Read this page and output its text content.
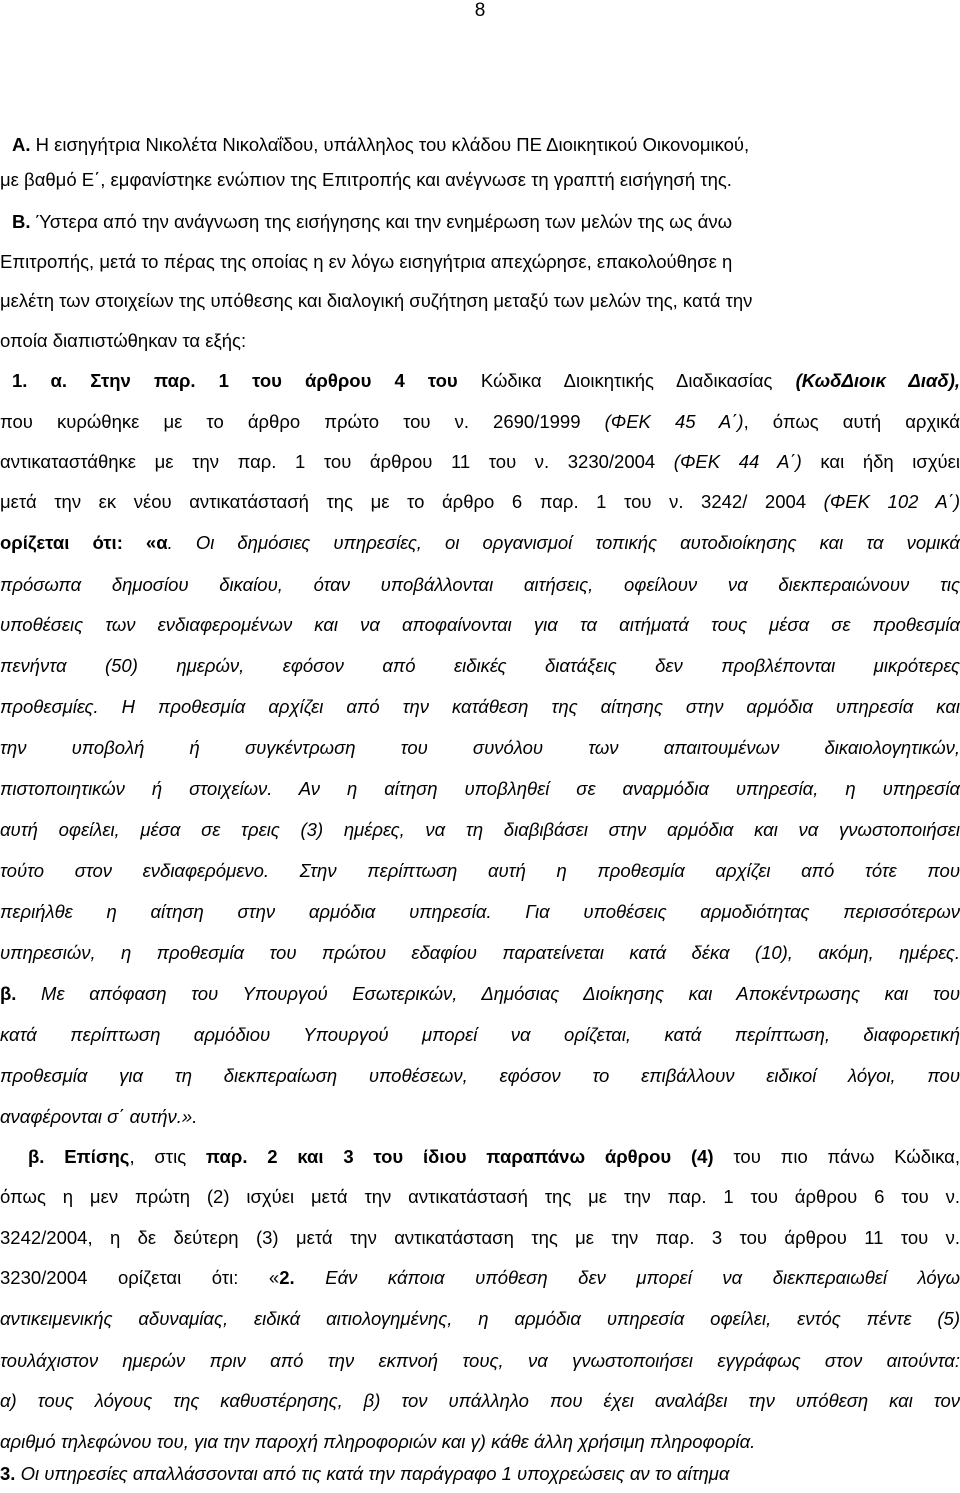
8
A. Η εισηγήτρια Νικολέτα Νικολαΐδου, υπάλληλος του κλάδου ΠΕ Διοικητικού Οικονομικού,
με βαθμό Ε΄, εμφανίστηκε ενώπιον της Επιτροπής και ανέγνωσε τη γραπτή εισήγησή της.
B. Ύστερα από την ανάγνωση της εισήγησης και την ενημέρωση των μελών της ως άνω
Επιτροπής, μετά το πέρας της οποίας η εν λόγω εισηγήτρια απεχώρησε, επακολούθησε η
μελέτη των στοιχείων της υπόθεσης και διαλογική συζήτηση μεταξύ των μελών της, κατά την
οποία διαπιστώθηκαν τα εξής:
1. α. Στην παρ. 1 του άρθρου 4 του Κώδικα Διοικητικής Διαδικασίας (ΚωδΔιοικ Διαδ),
που κυρώθηκε με το άρθρο πρώτο του ν. 2690/1999 (ΦΕΚ 45 Α΄), όπως αυτή αρχικά
αντικαταστάθηκε με την παρ. 1 του άρθρου 11 του ν. 3230/2004 (ΦΕΚ 44 Α΄) και ήδη ισχύει
μετά την εκ νέου αντικατάστασή της με το άρθρο 6 παρ. 1 του ν. 3242/ 2004 (ΦΕΚ 102 Α΄)
ορίζεται ότι: «α. Οι δημόσιες υπηρεσίες, οι οργανισμοί τοπικής αυτοδιοίκησης και τα νομικά
πρόσωπα δημοσίου δικαίου, όταν υποβάλλονται αιτήσεις, οφείλουν να διεκπεραιώνουν τις
υποθέσεις των ενδιαφερομένων και να αποφαίνονται για τα αιτήματά τους μέσα σε προθεσμία
πενήντα (50) ημερών, εφόσον από ειδικές διατάξεις δεν προβλέπονται μικρότερες
προθεσμίες. Η προθεσμία αρχίζει από την κατάθεση της αίτησης στην αρμόδια υπηρεσία και
την υποβολή ή συγκέντρωση του συνόλου των απαιτουμένων δικαιολογητικών,
πιστοποιητικών ή στοιχείων. Αν η αίτηση υποβληθεί σε αναρμόδια υπηρεσία, η υπηρεσία
αυτή οφείλει, μέσα σε τρεις (3) ημέρες, να τη διαβιβάσει στην αρμόδια και να γνωστοποιήσει
τούτο στον ενδιαφερόμενο. Στην περίπτωση αυτή η προθεσμία αρχίζει από τότε που
περιήλθε η αίτηση στην αρμόδια υπηρεσία. Για υποθέσεις αρμοδιότητας περισσότερων
υπηρεσιών, η προθεσμία του πρώτου εδαφίου παρατείνεται κατά δέκα (10), ακόμη, ημέρες.
β. Με απόφαση του Υπουργού Εσωτερικών, Δημόσιας Διοίκησης και Αποκέντρωσης και του
κατά περίπτωση αρμόδιου Υπουργού μπορεί να ορίζεται, κατά περίπτωση, διαφορετική
προθεσμία για τη διεκπεραίωση υποθέσεων, εφόσον το επιβάλλουν ειδικοί λόγοι, που
αναφέρονται σ΄ αυτήν.».
β. Επίσης, στις παρ. 2 και 3 του ίδιου παραπάνω άρθρου (4) του πιο πάνω Κώδικα,
όπως η μεν πρώτη (2) ισχύει μετά την αντικατάστασή της με την παρ. 1 του άρθρου 6 του ν.
3242/2004, η δε δεύτερη (3) μετά την αντικατάσταση της με την παρ. 3 του άρθρου 11 του ν.
3230/2004 ορίζεται ότι: «2. Εάν κάποια υπόθεση δεν μπορεί να διεκπεραιωθεί λόγω
αντικειμενικής αδυναμίας, ειδικά αιτιολογημένης, η αρμόδια υπηρεσία οφείλει, εντός πέντε (5)
τουλάχιστον ημερών πριν από την εκπνοή τους, να γνωστοποιήσει εγγράφως στον αιτούντα:
α) τους λόγους της καθυστέρησης, β) τον υπάλληλο που έχει αναλάβει την υπόθεση και τον
αριθμό τηλεφώνου του, για την παροχή πληροφοριών και γ) κάθε άλλη χρήσιμη πληροφορία.
3. Οι υπηρεσίες απαλλάσσονται από τις κατά την παράγραφο 1 υποχρεώσεις αν το αίτημα
